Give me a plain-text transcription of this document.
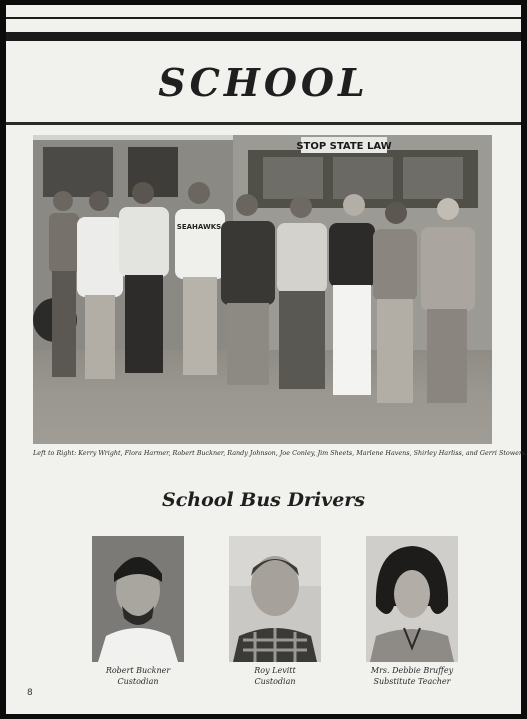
SCHOOL
STOP STATE LAW
SEAHAWKS
Left to Right: Kerry Wright, Flora Harmer, Robert Buckner, Randy Johnson, Joe Conley, Jim Sheets, Marlene Havens, Shirley Harliss, and Gerri Stowers.
School Bus Drivers
Robert Buckner
Custodian
Roy Levitt
Custodian
Mrs. Debbie Bruffey
Substitute Teacher
8
